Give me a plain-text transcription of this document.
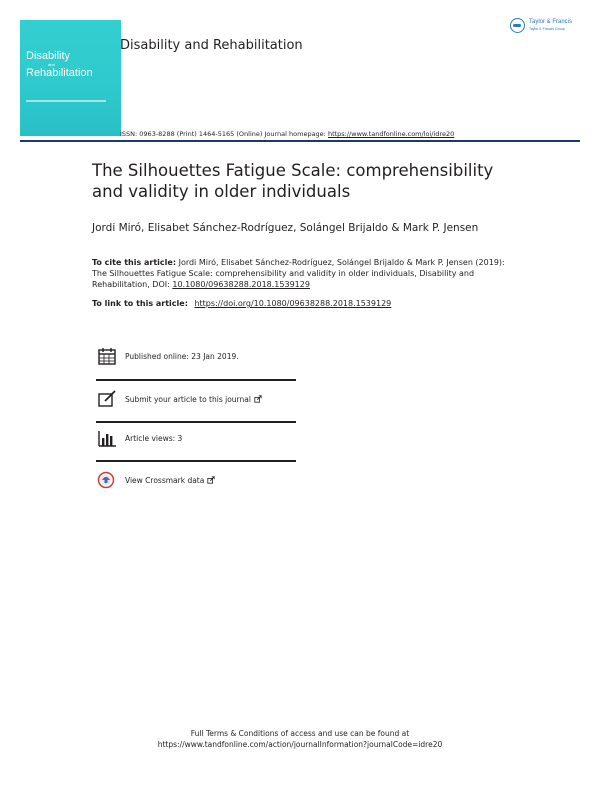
Disability
and
Rehabilitation
Disability and Rehabilitation
Taylor & Francis
Taylor & Francis Group
ISSN: 0963-8288 (Print) 1464-5165 (Online) Journal homepage: https://www.tandfonline.com/loi/idre20
The Silhouettes Fatigue Scale: comprehensibility
and validity in older individuals
Jordi Miró, Elisabet Sánchez-Rodríguez, Solángel Brijaldo & Mark P. Jensen
To cite this article: Jordi Miró, Elisabet Sánchez-Rodríguez, Solángel Brijaldo & Mark P. Jensen (2019): The Silhouettes Fatigue Scale: comprehensibility and validity in older individuals, Disability and Rehabilitation, DOI: 10.1080/09638288.2018.1539129
To link to this article: https://doi.org/10.1080/09638288.2018.1539129
Published online: 23 Jan 2019.
Submit your article to this journal
Article views: 3
View Crossmark data
Full Terms & Conditions of access and use can be found at
https://www.tandfonline.com/action/journalInformation?journalCode=idre20
